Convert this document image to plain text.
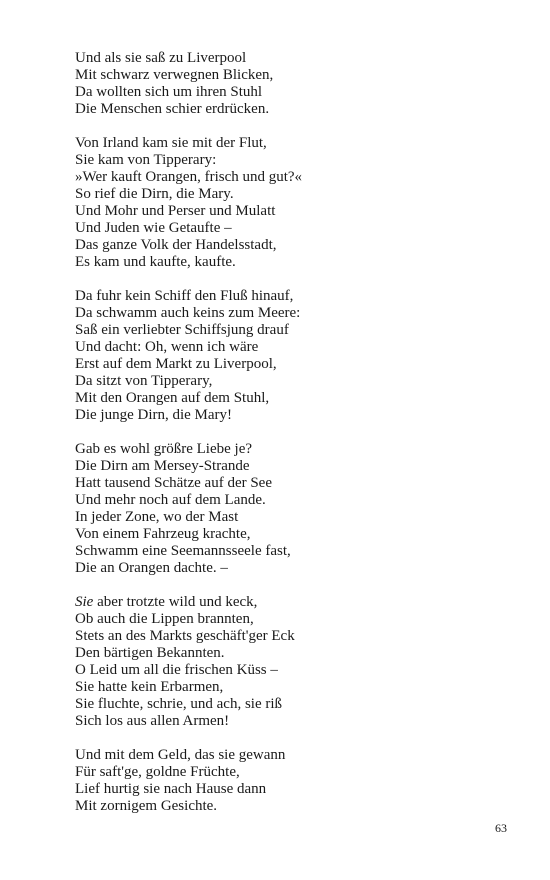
Und als sie saß zu Liverpool
Mit schwarz verwegnen Blicken,
Da wollten sich um ihren Stuhl
Die Menschen schier erdrücken.
Von Irland kam sie mit der Flut,
Sie kam von Tipperary:
»Wer kauft Orangen, frisch und gut?«
So rief die Dirn, die Mary.
Und Mohr und Perser und Mulatt
Und Juden wie Getaufte –
Das ganze Volk der Handelsstadt,
Es kam und kaufte, kaufte.
Da fuhr kein Schiff den Fluß hinauf,
Da schwamm auch keins zum Meere:
Saß ein verliebter Schiffsjung drauf
Und dacht: Oh, wenn ich wäre
Erst auf dem Markt zu Liverpool,
Da sitzt von Tipperary,
Mit den Orangen auf dem Stuhl,
Die junge Dirn, die Mary!
Gab es wohl größre Liebe je?
Die Dirn am Mersey-Strande
Hatt tausend Schätze auf der See
Und mehr noch auf dem Lande.
In jeder Zone, wo der Mast
Von einem Fahrzeug krachte,
Schwamm eine Seemannsseele fast,
Die an Orangen dachte. –
Sie aber trotzte wild und keck,
Ob auch die Lippen brannten,
Stets an des Markts geschäft'ger Eck
Den bärtigen Bekannten.
O Leid um all die frischen Küss –
Sie hatte kein Erbarmen,
Sie fluchte, schrie, und ach, sie riß
Sich los aus allen Armen!
Und mit dem Geld, das sie gewann
Für saft'ge, goldne Früchte,
Lief hurtig sie nach Hause dann
Mit zornigem Gesichte.
63
